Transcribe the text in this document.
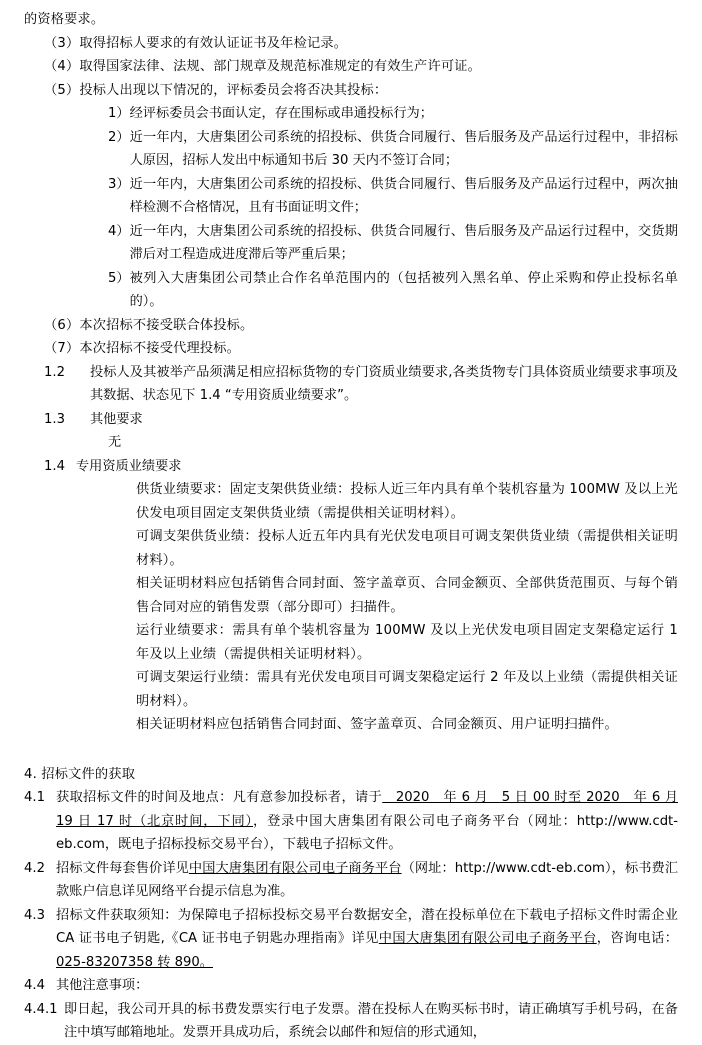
的资格要求。

（3）取得招标人要求的有效认证证书及年检记录。

（4）取得国家法律、法规、部门规章及规范标准规定的有效生产许可证。

（5）投标人出现以下情况的，评标委员会将否决其投标：

1） 经评标委员会书面认定，存在围标或串通投标行为；
2） 近一年内，大唐集团公司系统的招投标、供货合同履行、售后服务及产品运行过程中，非招标人原因，招标人发出中标通知书后 30 天内不签订合同；
3） 近一年内，大唐集团公司系统的招投标、供货合同履行、售后服务及产品运行过程中，两次抽样检测不合格情况，且有书面证明文件；
4） 近一年内，大唐集团公司系统的招投标、供货合同履行、售后服务及产品运行过程中，交货期滞后对工程造成进度滞后等严重后果；
5） 被列入大唐集团公司禁止合作名单范围内的（包括被列入黑名单、停止采购和停止投标名单的）。

（6）本次招标不接受联合体投标。

（7）本次招标不接受代理投标。

1.2	投标人及其被举产品须满足相应招标货物的专门资质业绩要求,各类货物专门具体资质业绩要求事项及其数据、状态见下 1.4 “专用资质业绩要求”。
1.3	其他要求

无

1.4 专用资质业绩要求

供货业绩要求：固定支架供货业绩：投标人近三年内具有单个装机容量为 100MW 及以上光伏发电项目固定支架供货业绩（需提供相关证明材料）。

可调支架供货业绩：投标人近五年内具有光伏发电项目可调支架供货业绩（需提供相关证明材料）。

相关证明材料应包括销售合同封面、签字盖章页、合同金额页、全部供货范围页、与每个销售合同对应的销售发票（部分即可）扫描件。

运行业绩要求：需具有单个装机容量为 100MW 及以上光伏发电项目固定支架稳定运行 1 年及以上业绩（需提供相关证明材料）。

可调支架运行业绩：需具有光伏发电项目可调支架稳定运行 2 年及以上业绩（需提供相关证明材料）。

相关证明材料应包括销售合同封面、签字盖章页、合同金额页、用户证明扫描件。

4. 招标文件的获取

4.1 获取招标文件的时间及地点：凡有意参加投标者，请于　2020　年 6 月　5 日 00 时至 2020　年 6 月 19 日 17 时（北京时间，下同），登录中国大唐集团有限公司电子商务平台（网址：http://www.cdt-eb.com，既电子招标投标交易平台），下载电子招标文件。
4.2 招标文件每套售价详见中国大唐集团有限公司电子商务平台（网址：http://www.cdt-eb.com），标书费汇款账户信息详见网络平台提示信息为准。
4.3 招标文件获取须知：为保障电子招标投标交易平台数据安全，潜在投标单位在下载电子招标文件时需企业 CA 证书电子钥匙,《CA 证书电子钥匙办理指南》详见中国大唐集团有限公司电子商务平台，咨询电话：025-83207358 转 890。
4.4 其他注意事项：
4.4.1 即日起，我公司开具的标书费发票实行电子发票。潜在投标人在购买标书时，请正确填写手机号码，在备注中填写邮箱地址。发票开具成功后，系统会以邮件和短信的形式通知，
